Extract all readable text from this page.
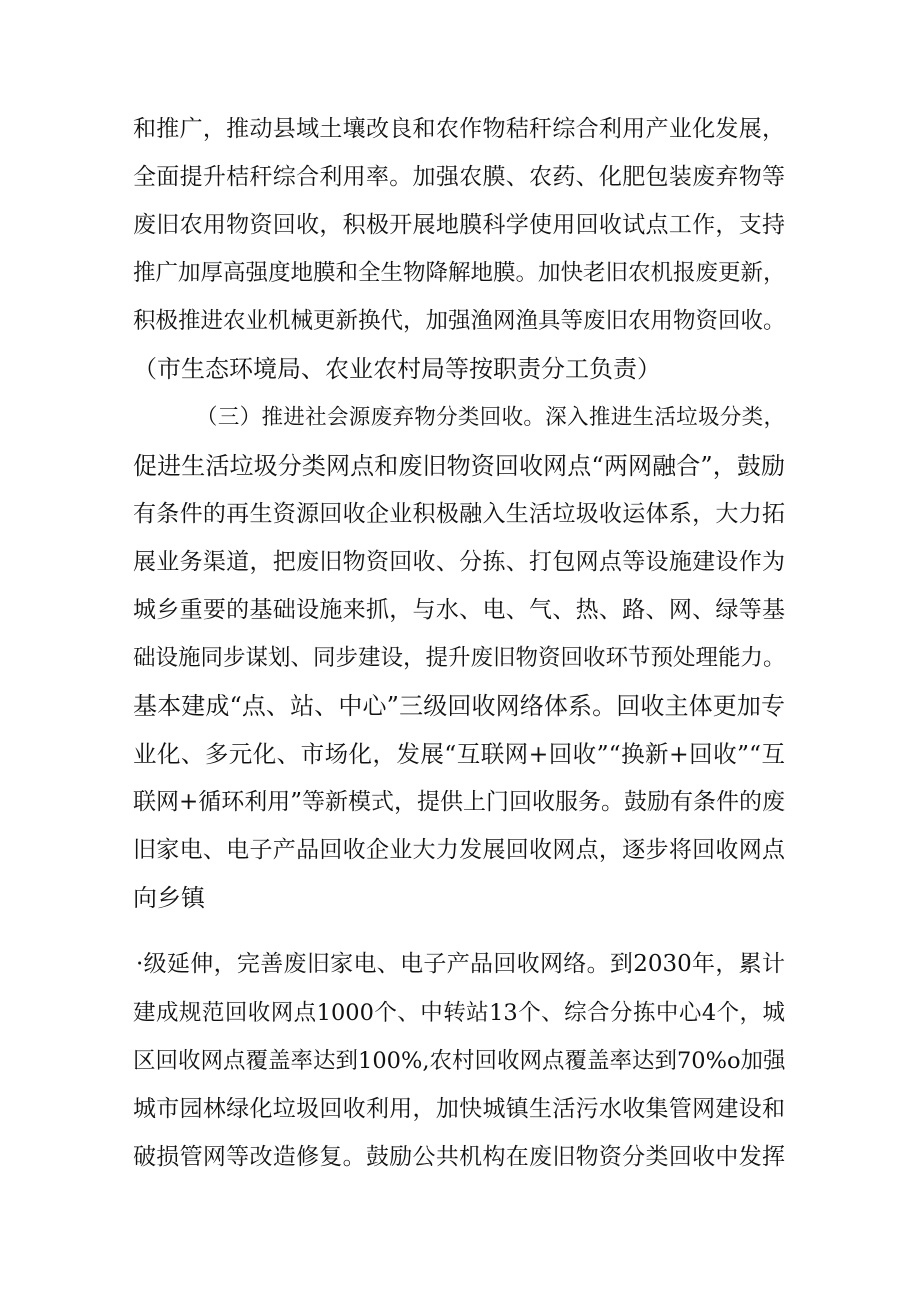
和推广，推动县域土壤改良和农作物秸秆综合利用产业化发展，
全面提升桔秆综合利用率。加强农膜、农药、化肥包装废弃物等
废旧农用物资回收，积极开展地膜科学使用回收试点工作，支持
推广加厚高强度地膜和全生物降解地膜。加快老旧农机报废更新，
积极推进农业机械更新换代，加强渔网渔具等废旧农用物资回收。
（市生态环境局、农业农村局等按职责分工负责）
（三）推进社会源废弃物分类回收。深入推进生活垃圾分类，
促进生活垃圾分类网点和废旧物资回收网点“两网融合”，鼓励
有条件的再生资源回收企业积极融入生活垃圾收运体系，大力拓
展业务渠道，把废旧物资回收、分拣、打包网点等设施建设作为
城乡重要的基础设施来抓，与水、电、气、热、路、网、绿等基
础设施同步谋划、同步建设，提升废旧物资回收环节预处理能力。
基本建成“点、站、中心”三级回收网络体系。回收主体更加专
业化、多元化、市场化，发展“互联网+回收”“换新+回收”“互
联网+循环利用”等新模式，提供上门回收服务。鼓励有条件的废
旧家电、电子产品回收企业大力发展回收网点，逐步将回收网点
向乡镇
·级延伸，完善废旧家电、电子产品回收网络。到2030年，累计
建成规范回收网点1000个、中转站13个、综合分拣中心4个，城
区回收网点覆盖率达到100%,农村回收网点覆盖率达到70%o加强
城市园林绿化垃圾回收利用，加快城镇生活污水收集管网建设和
破损管网等改造修复。鼓励公共机构在废旧物资分类回收中发挥
